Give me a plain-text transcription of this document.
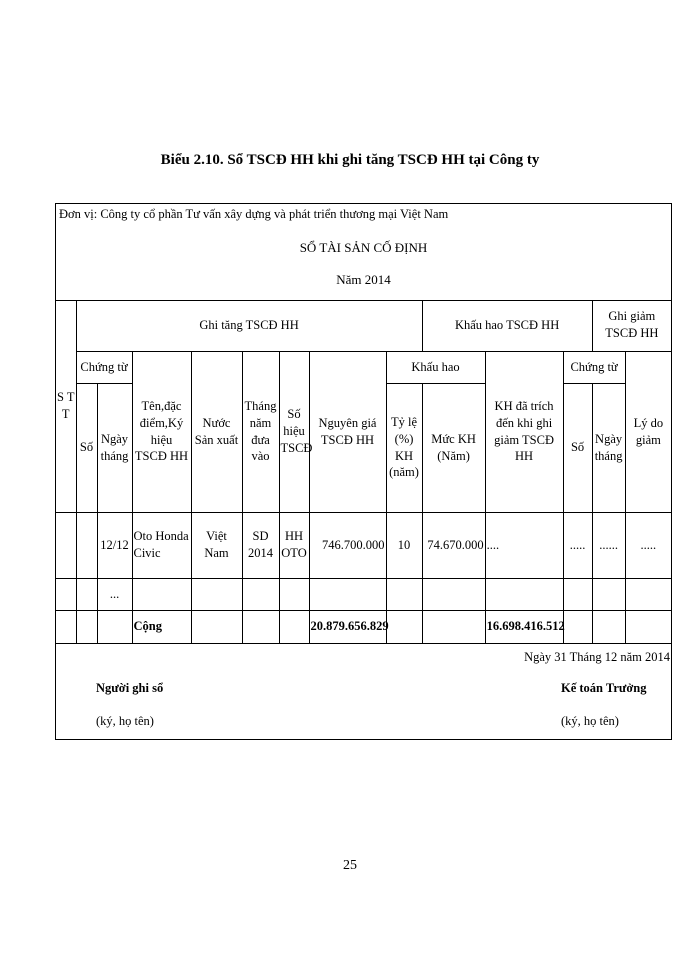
Biểu 2.10. Sổ TSCĐ HH khi ghi tăng TSCĐ HH tại Công ty
Đơn vị: Công ty cổ phần Tư vấn xây dựng và phát triển thương mại Việt Nam
SỔ TÀI SẢN CỐ ĐỊNH
Năm 2014
S T T	Ghi tăng TSCĐ HH								Khấu hao TSCĐ HH			Ghi giảm TSCĐ HH	
	Chứng từ		Tên,đặc điểm,Ký hiệu TSCĐ HH	Nước Sản xuất	Tháng năm đưa vào	Số hiệu TSCĐ	Nguyên giá TSCĐ HH	Khấu hao		KH đã trích đến khi ghi giảm TSCĐ HH	Chứng từ		Lý do giảm
	Số	Ngày tháng						Tỷ lệ (%) KH (năm)	Mức KH (Năm)		Số	Ngày tháng	
		12/12	Oto Honda Civic	Việt Nam	SD 2014	HH OTO	746.700.000	10	74.670.000	....	.....	......	.....
		...											
			Cộng				20.879.656.829			16.698.416.512			
Ngày 31 Tháng 12 năm 2014
Người ghi sổ
(ký, họ tên)
Kế toán Trưởng
(ký, họ tên)
25
